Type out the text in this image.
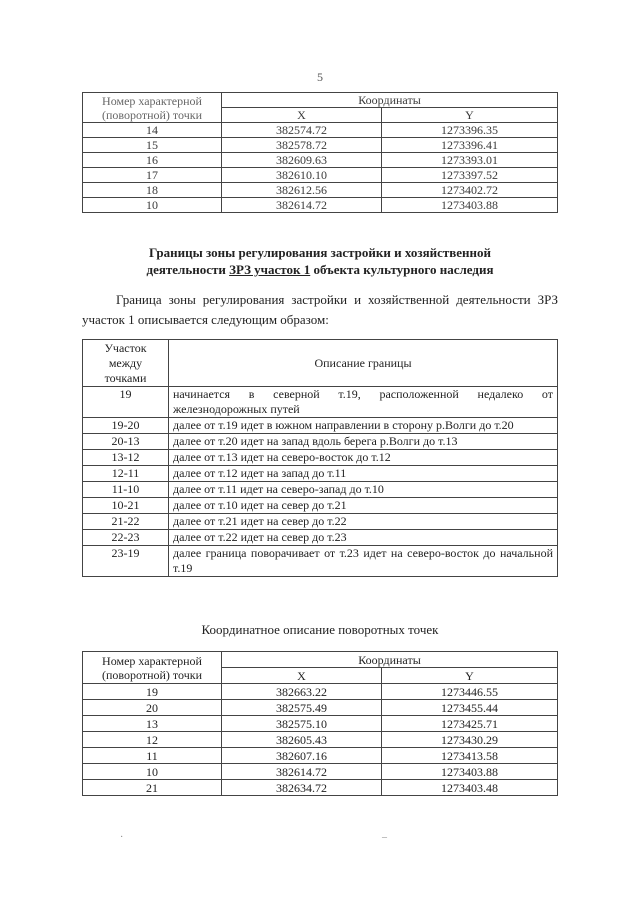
5
Номер характерной (поворотной) точки	Координаты	
	X	Y
14	382574.72	1273396.35
15	382578.72	1273396.41
16	382609.63	1273393.01
17	382610.10	1273397.52
18	382612.56	1273402.72
10	382614.72	1273403.88
Границы зоны регулирования застройки и хозяйственной
деятельности ЗРЗ участок 1 объекта культурного наследия
Граница зоны регулирования застройки и хозяйственной деятельности ЗРЗ участок 1 описывается следующим образом:
Участок между точками	Описание границы
19	начинается в северной т.19, расположенной недалеко от железнодорожных путей
19-20	далее от т.19 идет в южном направлении в сторону р.Волги до т.20
20-13	далее от т.20 идет на запад вдоль берега р.Волги до т.13
13-12	далее от т.13 идет на северо-восток до т.12
12-11	далее от т.12 идет на запад до т.11
11-10	далее от т.11 идет на северо-запад до т.10
10-21	далее от т.10 идет на север до т.21
21-22	далее от т.21 идет на север до т.22
22-23	далее от т.22 идет на север до т.23
23-19	далее граница поворачивает от т.23 идет на северо-восток до начальной т.19
Координатное описание поворотных точек
Номер характерной (поворотной) точки	Координаты	
	X	Y
19	382663.22	1273446.55
20	382575.49	1273455.44
13	382575.10	1273425.71
12	382605.43	1273430.29
11	382607.16	1273413.58
10	382614.72	1273403.88
21	382634.72	1273403.48
·	–
